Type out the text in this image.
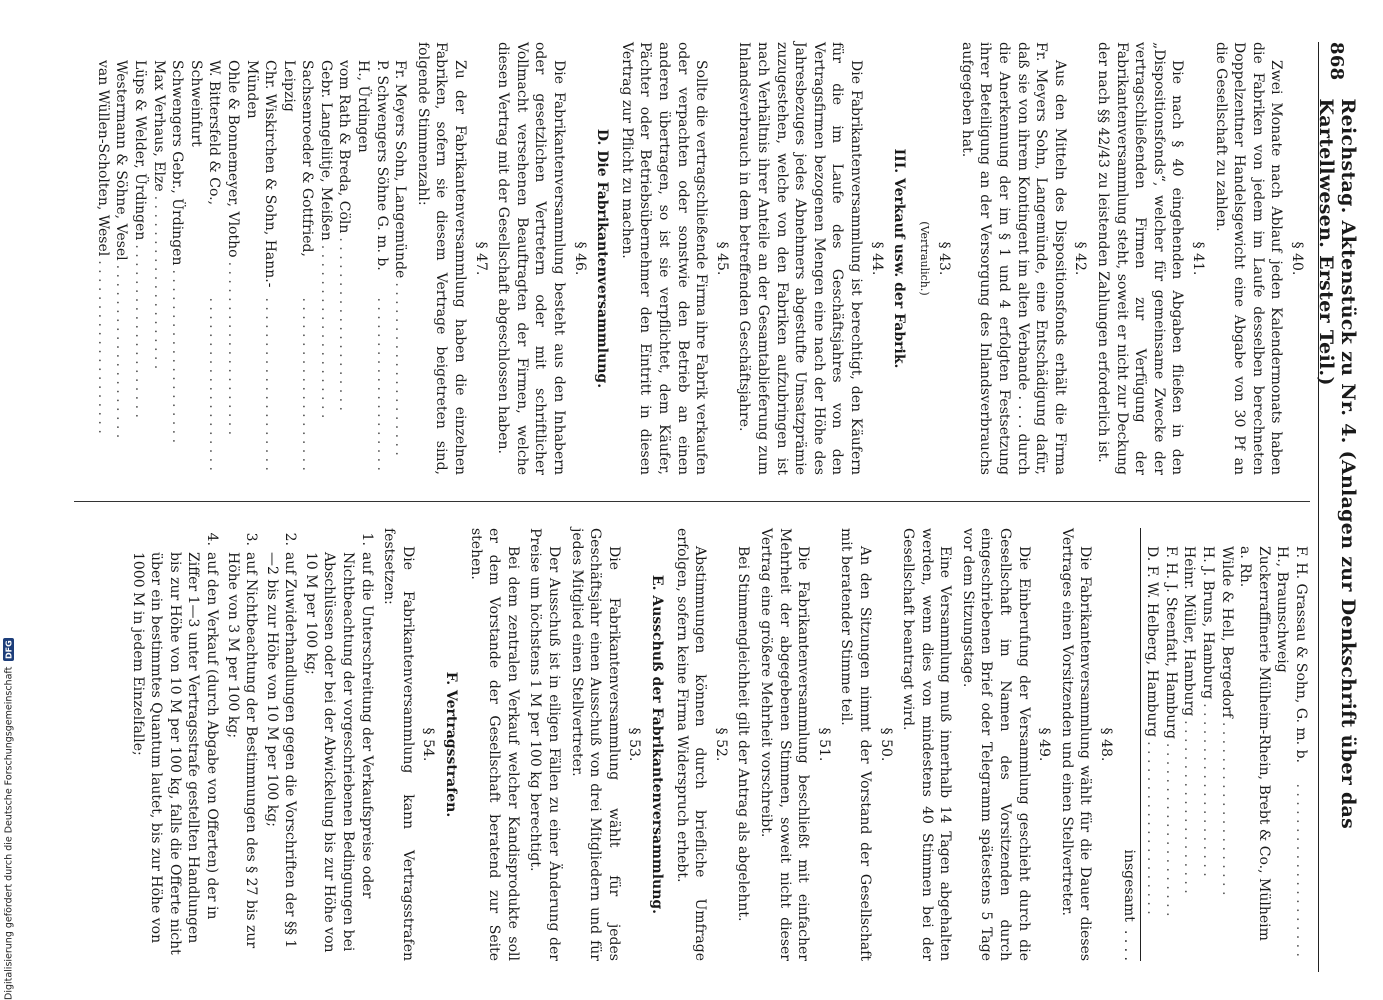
868
Reichstag. Aktenstück zu Nr. 4. (Anlagen zur Denkschrift über das Kartellwesen. Erster Teil.)
§ 40.

Zwei Monate nach Ablauf jeden Kalendermonats haben die Fabriken von jedem im Laufe desselben berechneten Doppelzentner Handelsgewicht eine Abgabe von 30 Pf an die Gesellschaft zu zahlen.

§ 41.

Die nach § 40 eingehenden Abgaben fließen in den „Dispositionsfonds“, welcher für gemeinsame Zwecke der vertragschließenden Firmen zur Verfügung der Fabrikantenversammlung steht, soweit er nicht zur Deckung der nach §§ 42/43 zu leistenden Zahlungen erforderlich ist.

§ 42.

Aus den Mitteln des Dispositionsfonds erhält die Firma Fr. Meyers Sohn, Langemünde, eine Entschädigung dafür, daß sie von ihrem Kontingent im alten Verbande . . . . durch die Anerkennung der im § 1 und 4 erfolgten Festsetzung ihrer Beteiligung an der Versorgung des Inlandsverbrauchs aufgegeben hat.

§ 43.
(Vertraulich.)
III. Verkauf usw. der Fabrik.
§ 44.

Die Fabrikantenversammlung ist berechtigt, den Käufern für die im Laufe des Geschäftsjahres von den Vertragsfirmen bezogenen Mengen eine nach der Höhe des Jahresbezuges jedes Abnehmers abgestufte Umsatzprämie zuzugestehen, welche von den Fabriken aufzubringen ist nach Verhältnis ihrer Anteile an der Gesamtablieferung zum Inlandsverbrauch in dem betreffenden Geschäftsjahre.

§ 45.

Sollte die vertragschließende Firma ihre Fabrik verkaufen oder verpachten oder sonstwie den Betrieb an einen anderen übertragen, so ist sie verpflichtet, dem Käufer, Pächter oder Betriebsübernehmer den Eintritt in diesen Vertrag zur Pflicht zu machen.

D. Die Fabrikantenversammlung.
§ 46.

Die Fabrikantenversammlung besteht aus den Inhabern oder gesetzlichen Vertretern oder mit schriftlicher Vollmacht versehenen Beauftragten der Firmen, welche diesen Vertrag mit der Gesellschaft abgeschlossen haben.

§ 47.

Zu der Fabrikantenversammlung haben die einzelnen Fabriken, sofern sie diesem Vertrage beigetreten sind, folgende Stimmenzahl:

Fr. Meyers Sohn, Langemünde
. . . . . . . . . . . . . . . . . . . .
P. Schwengers Söhne G. m. b. H., Ürdingen
. . . . . . . . . . . . . . . . . . . .
vom Rath & Breda, Cöln
. . . . . . . . . . . . . . . . . . . .
Gebr. Langeliitje, Meißen
. . . . . . . . . . . . . . . . . . . .
Sachsenroeder & Gottfried, Leipzig
. . . . . . . . . . . . . . . . . . . .
Chr. Wiskirchen & Sohn, Hann.-Münden
. . . . . . . . . . . . . . . . . . . .
Ohle & Bonnemeyer, Vlotho
. . . . . . . . . . . . . . . . . . . .
W. Bittersfeld & Co., Schweinfurt
. . . . . . . . . . . . . . . . . . . .
Schwengers Gebr., Ürdingen
. . . . . . . . . . . . . . . . . . . .
Max Verhaus, Elze
. . . . . . . . . . . . . . . . . . . .
Lüps & Welder, Ürdingen
. . . . . . . . . . . . . . . . . . . .
Westermann & Söhne, Vesel
. . . . . . . . . . . . . . . . . . . .
van Wüllen-Scholten, Wesel
. . . . . . . . . . . . . . . . . . . .
F. H. Grassau & Sohn, G. m. b. H., Braunschweig
. . . . . . . . . . . . . . . . . . . .
Zuckerraffinerie Mülheim-Rhein, Brebt & Co., Mülheim a. Rh.
Wilde & Hell, Bergedorf
. . . . . . . . . . . . . . . . . . . .
H. J. Bruns, Hamburg
. . . . . . . . . . . . . . . . . . . .
Heinr. Müller, Hamburg
. . . . . . . . . . . . . . . . . . . .
F. H. J. Steenfatt, Hamburg
. . . . . . . . . . . . . . . . . . . .
D. F. W. Helberg, Hamburg
. . . . . . . . . . . . . . . . . . . .
insgesamt
. . . .
§ 48.

Die Fabrikantenversammlung wählt für die Dauer dieses Vertrages einen Vorsitzenden und einen Stellvertreter.

§ 49.

Die Einberufung der Versammlung geschieht durch die Gesellschaft im Namen des Vorsitzenden durch eingeschriebenen Brief oder Telegramm spätestens 5 Tage vor dem Sitzungstage.

Eine Versammlung muß innerhalb 14 Tagen abgehalten werden, wenn dies von mindestens 40 Stimmen bei der Gesellschaft beantragt wird.

§ 50.

An den Sitzungen nimmt der Vorstand der Gesellschaft mit beratender Stimme teil.

§ 51.

Die Fabrikantenversammlung beschließt mit einfacher Mehrheit der abgegebenen Stimmen, soweit nicht dieser Vertrag eine größere Mehrheit vorschreibt.

Bei Stimmengleichheit gilt der Antrag als abgelehnt.

§ 52.

Abstimmungen können durch briefliche Umfrage erfolgen, sofern keine Firma Widerspruch erhebt.

E. Ausschuß der Fabrikantenversammlung.
§ 53.

Die Fabrikantenversammlung wählt für jedes Geschäftsjahr einen Ausschuß von drei Mitgliedern und für jedes Mitglied einen Stellvertreter.

Der Ausschuß ist in eiligen Fällen zu einer Änderung der Preise um höchstens 1 M per 100 kg berechtigt.

Bei dem zentralen Verkauf welcher Kandisprodukte soll er dem Vorstande der Gesellschaft beratend zur Seite stehen.

F. Vertragsstrafen.
§ 54.

Die Fabrikantenversammlung kann Vertragsstrafen festsetzen:

1.
auf die Unterschreitung der Verkaufspreise oder Nichtbeachtung der vorgeschriebenen Bedingungen bei Abschlüssen oder bei der Abwickelung bis zur Höhe von 10 M per 100 kg;
2.
auf Zuwiderhandlungen gegen die Vorschriften der §§ 1—2 bis zur Höhe von 10 M per 100 kg;
3.
auf Nichtbeachtung der Bestimmungen des § 27 bis zur Höhe von 3 M per 100 kg;
4.
auf den Verkauf (durch Abgabe von Offerten) der in Ziffer 1—3 unter Vertragsstrafe gestellten Handlungen bis zur Höhe von 10 M per 100 kg, falls die Offerte nicht über ein bestimmtes Quantum lautet, bis zur Höhe von 1000 M in jedem Einzelfalle;
Digitalisierung gefördert durch die Deutsche Forschungsgemeinschaft
DFG
